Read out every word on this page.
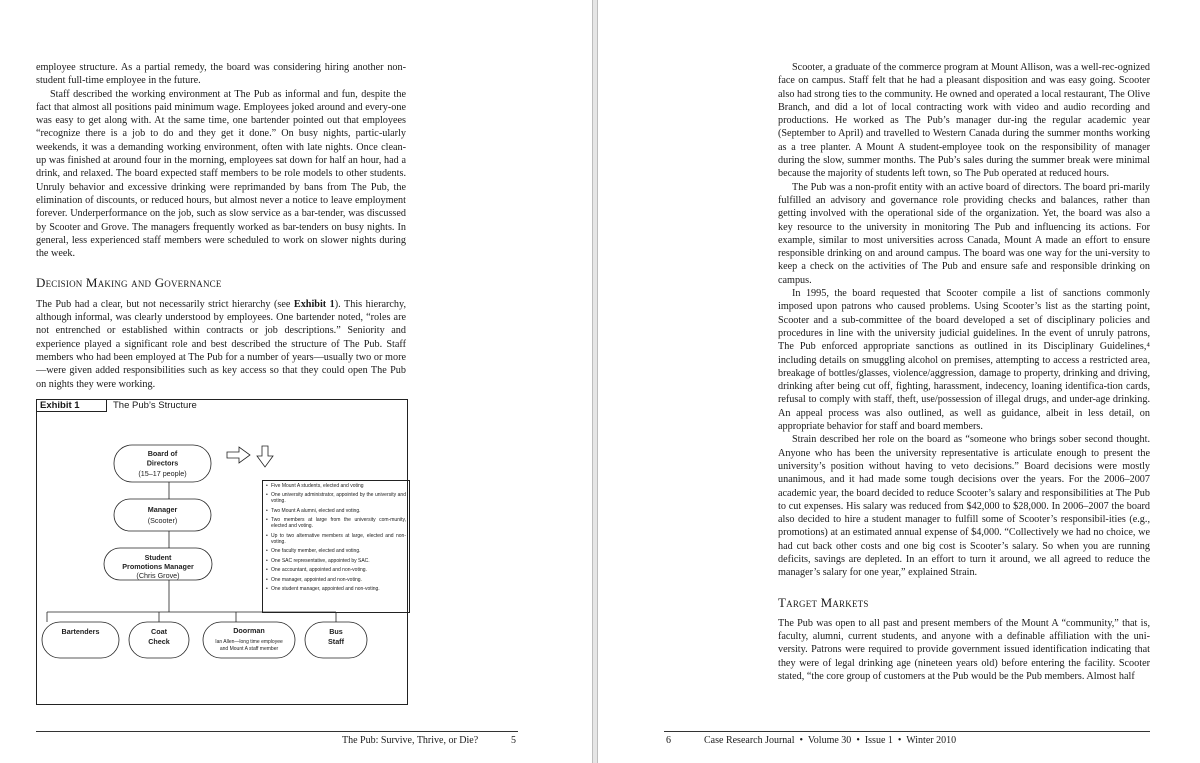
employee structure. As a partial remedy, the board was considering hiring another non-student full-time employee in the future.

Staff described the working environment at The Pub as informal and fun, despite the fact that almost all positions paid minimum wage. Employees joked around and every-one was easy to get along with. At the same time, one bartender pointed out that employees “recognize there is a job to do and they get it done.” On busy nights, partic-ularly weekends, it was a demanding working environment, often with late nights. Once clean-up was finished at around four in the morning, employees sat down for half an hour, had a drink, and relaxed. The board expected staff members to be role models to other students. Unruly behavior and excessive drinking were reprimanded by bans from The Pub, the elimination of discounts, or reduced hours, but almost never a notice to leave employment forever. Underperformance on the job, such as slow service as a bar-tender, was discussed by Scooter and Grove. The managers frequently worked as bar-tenders on busy nights. In general, less experienced staff members were scheduled to work on slower nights during the week.

Decision Making and Governance

The Pub had a clear, but not necessarily strict hierarchy (see Exhibit 1). This hierarchy, although informal, was clearly understood by employees. One bartender noted, “roles are not entrenched or established within contracts or job descriptions.” Seniority and experience played a significant role and best described the structure of The Pub. Staff members who had been employed at The Pub for a number of years—usually two or more—were given added responsibilities such as key access so that they could open The Pub on nights they were working.

Board of
Directors
(15–17 people)
Manager
(Scooter)
Student
Promotions Manager
(Chris Grove)
Bartenders	Coat
Check
Doorman
Ian Allen—long time employee
and Mount A staff member
Bus
Staff
Exhibit 1	The Pub’s Structure
• Five Mount A students, elected and voting
• One university administrator, appointed by the university and voting.
• Two Mount A alumni, elected and voting.
• Two members at large from the university com-munity, elected and voting.
• Up to two alternative members at large, elected and non-voting.
• One faculty member, elected and voting.
• One SAC representative, appointed by SAC.
• One accountant, appointed and non-voting.
• One manager, appointed and non-voting.
• One student manager, appointed and non-voting.
The Pub: Survive, Thrive, or Die?	5

Scooter, a graduate of the commerce program at Mount Allison, was a well-rec-ognized face on campus. Staff felt that he had a pleasant disposition and was easy going. Scooter also had strong ties to the community. He owned and operated a local restaurant, The Olive Branch, and did a lot of local contracting work with video and audio recording and productions. He worked as The Pub’s manager dur-ing the regular academic year (September to April) and travelled to Western Canada during the summer months working as a tree planter. A Mount A student-employee took on the responsibility of manager during the slow, summer months. The Pub’s sales during the summer break were minimal because the majority of students left town, so The Pub operated at reduced hours.

The Pub was a non-profit entity with an active board of directors. The board pri-marily fulfilled an advisory and governance role providing checks and balances, rather than getting involved with the operational side of the organization. Yet, the board was also a key resource to the university in monitoring The Pub and influencing its actions. For example, similar to most universities across Canada, Mount A made an effort to ensure responsible drinking on and around campus. The board was one way for the uni-versity to keep a check on the activities of The Pub and ensure safe and responsible drinking on campus.

In 1995, the board requested that Scooter compile a list of sanctions commonly imposed upon patrons who caused problems. Using Scooter’s list as the starting point, Scooter and a sub-committee of the board developed a set of disciplinary policies and procedures in line with the university judicial guidelines. In the event of unruly patrons, The Pub enforced appropriate sanctions as outlined in its Disciplinary Guidelines,⁴ including details on smuggling alcohol on premises, attempting to access a restricted area, breakage of bottles/glasses, violence/aggression, damage to property, drinking and driving, drinking after being cut off, fighting, harassment, indecency, loaning identifica-tion cards, refusal to comply with staff, theft, use/possession of illegal drugs, and under-age drinking. An appeal process was also outlined, as well as guidance, albeit in less detail, on appropriate behavior for staff and board members.

Strain described her role on the board as “someone who brings sober second thought. Anyone who has been the university representative is articulate enough to present the university’s position without having to veto decisions.” Board decisions were mostly unanimous, and it had made some tough decisions over the years. For the 2006–2007 academic year, the board decided to reduce Scooter’s salary and responsibilities at The Pub to cut expenses. His salary was reduced from $42,000 to $28,000. In 2006–2007 the board also decided to hire a student manager to fulfill some of Scooter’s responsibil-ities (e.g., promotions) at an estimated annual expense of $4,000. “Collectively we had no choice, we had cut back other costs and one big cost is Scooter’s salary. So when you are running deficits, savings are depleted. In an effort to turn it around, we all agreed to reduce the manager’s salary for one year,” explained Strain.

Target Markets

The Pub was open to all past and present members of the Mount A “community,” that is, faculty, alumni, current students, and anyone with a definable affiliation with the uni-versity. Patrons were required to provide government issued identification indicating that they were of legal drinking age (nineteen years old) before entering the facility. Scooter stated, “the core group of customers at the Pub would be the Pub members. Almost half

6	Case Research Journal  •  Volume 30  •  Issue 1  •  Winter 2010
